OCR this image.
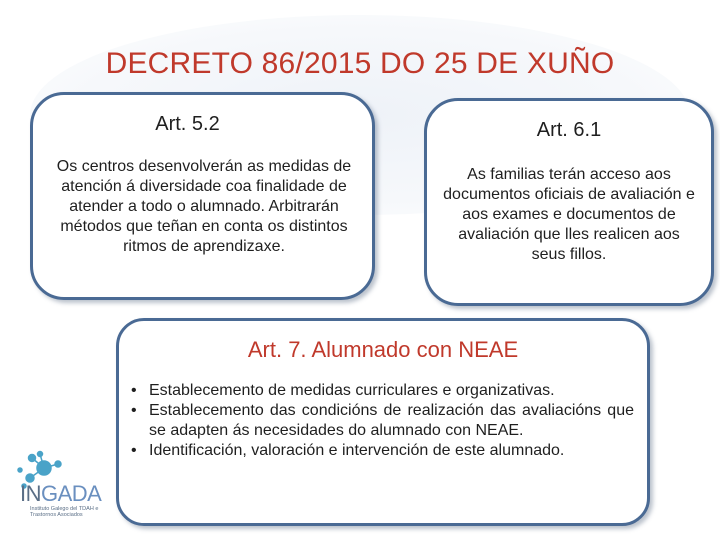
DECRETO 86/2015 DO 25 DE XUÑO
Art. 5.2
Os centros desenvolverán as medidas de atención á diversidade coa finalidade de atender a todo o alumnado. Arbitrarán métodos que teñan en conta os distintos ritmos de aprendizaxe.
Art. 6.1
As familias terán acceso aos documentos oficiais de avaliación e aos exames e documentos de avaliación que lles realicen aos seus fillos.
Art. 7. Alumnado con NEAE
• Establecemento de medidas curriculares e organizativas.
• Establecemento das condicións de realización das avaliacións que se adapten ás necesidades do alumnado con NEAE.
• Identificación, valoración e intervención de este alumnado.
INGADA
Instituto Galego del TDAH e Trastornos Asociados
